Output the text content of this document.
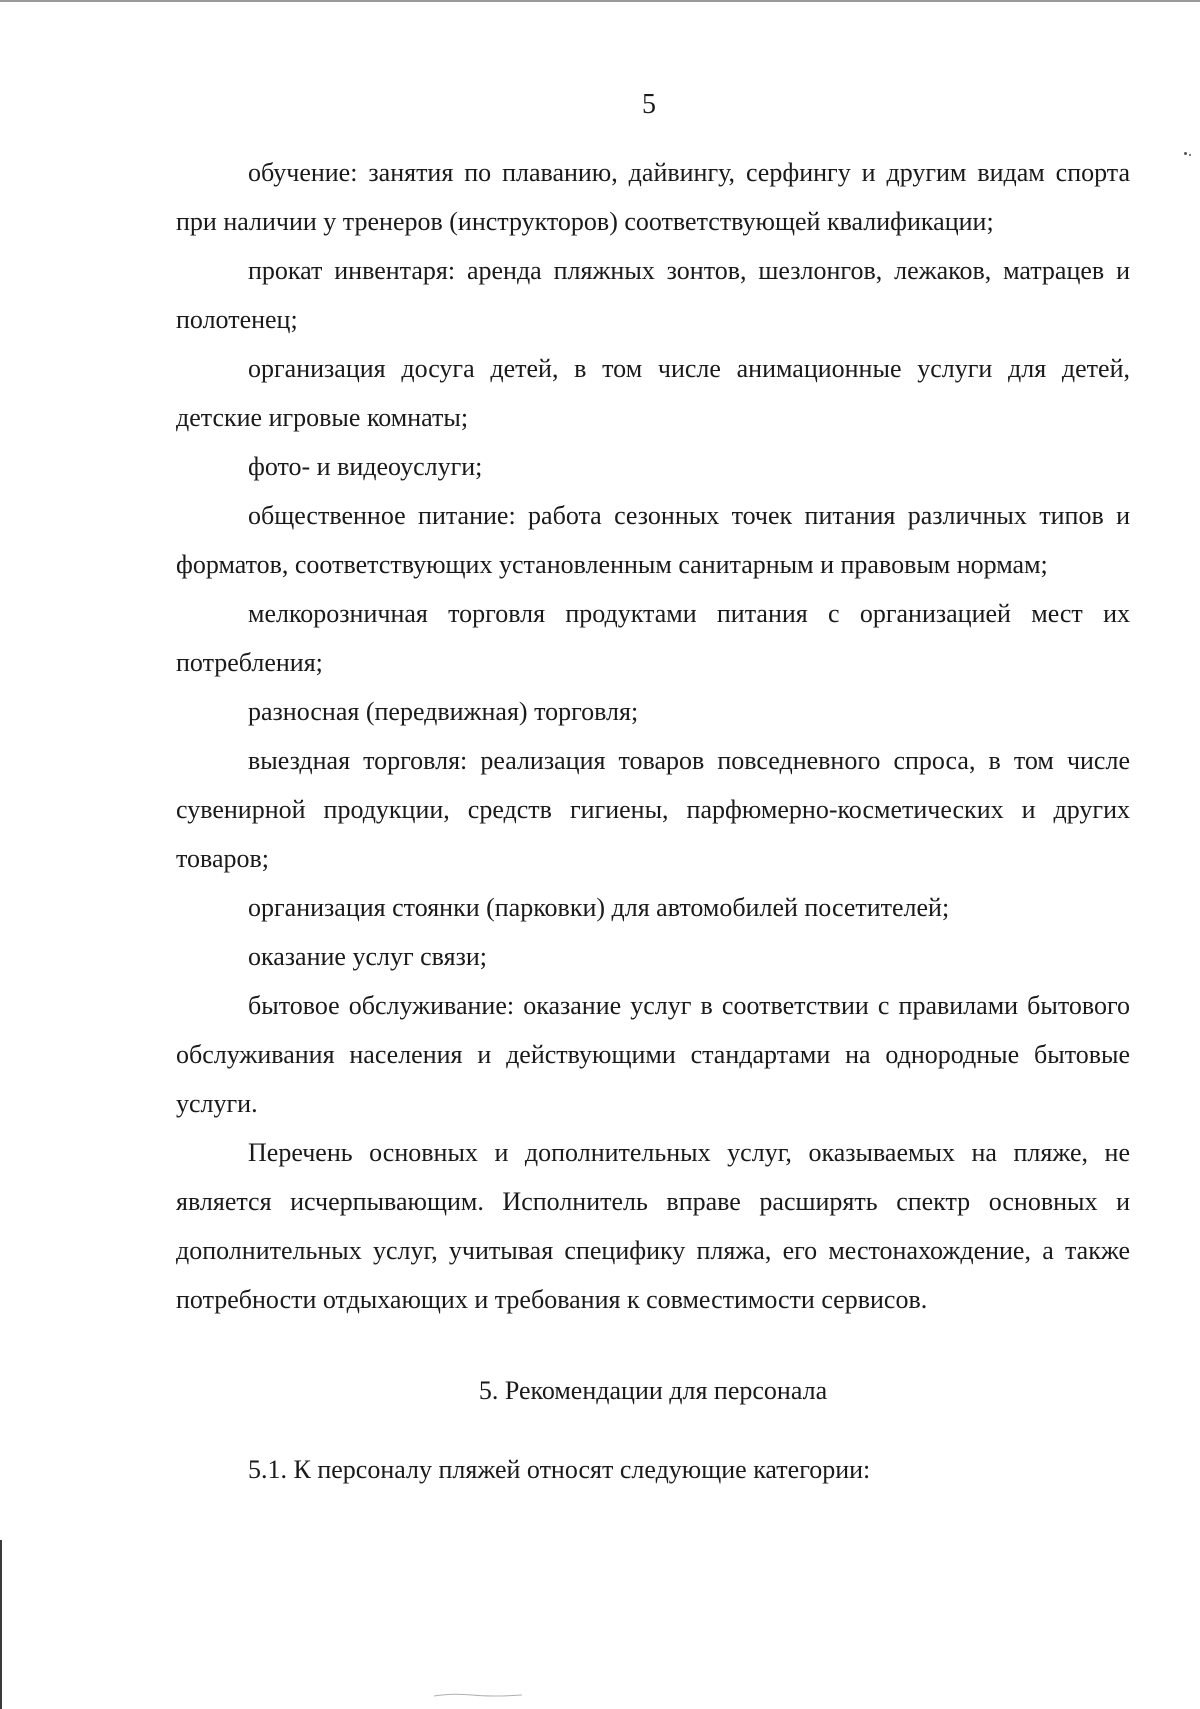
5

обучение: занятия по плаванию, дайвингу, серфингу и другим видам спорта при наличии у тренеров (инструкторов) соответствующей квалификации;

прокат инвентаря: аренда пляжных зонтов, шезлонгов, лежаков, матрацев и полотенец;

организация досуга детей, в том числе анимационные услуги для детей, детские игровые комнаты;

фото- и видеоуслуги;

общественное питание: работа сезонных точек питания различных типов и форматов, соответствующих установленным санитарным и правовым нормам;

мелкорозничная торговля продуктами питания с организацией мест их потребления;

разносная (передвижная) торговля;

выездная торговля: реализация товаров повседневного спроса, в том числе сувенирной продукции, средств гигиены, парфюмерно-косметических и других товаров;

организация стоянки (парковки) для автомобилей посетителей;

оказание услуг связи;

бытовое обслуживание: оказание услуг в соответствии с правилами бытового обслуживания населения и действующими стандартами на однородные бытовые услуги.

Перечень основных и дополнительных услуг, оказываемых на пляже, не является исчерпывающим. Исполнитель вправе расширять спектр основных и дополнительных услуг, учитывая специфику пляжа, его местонахождение, а также потребности отдыхающих и требования к совместимости сервисов.

5. Рекомендации для персонала

5.1. К персоналу пляжей относят следующие категории:
